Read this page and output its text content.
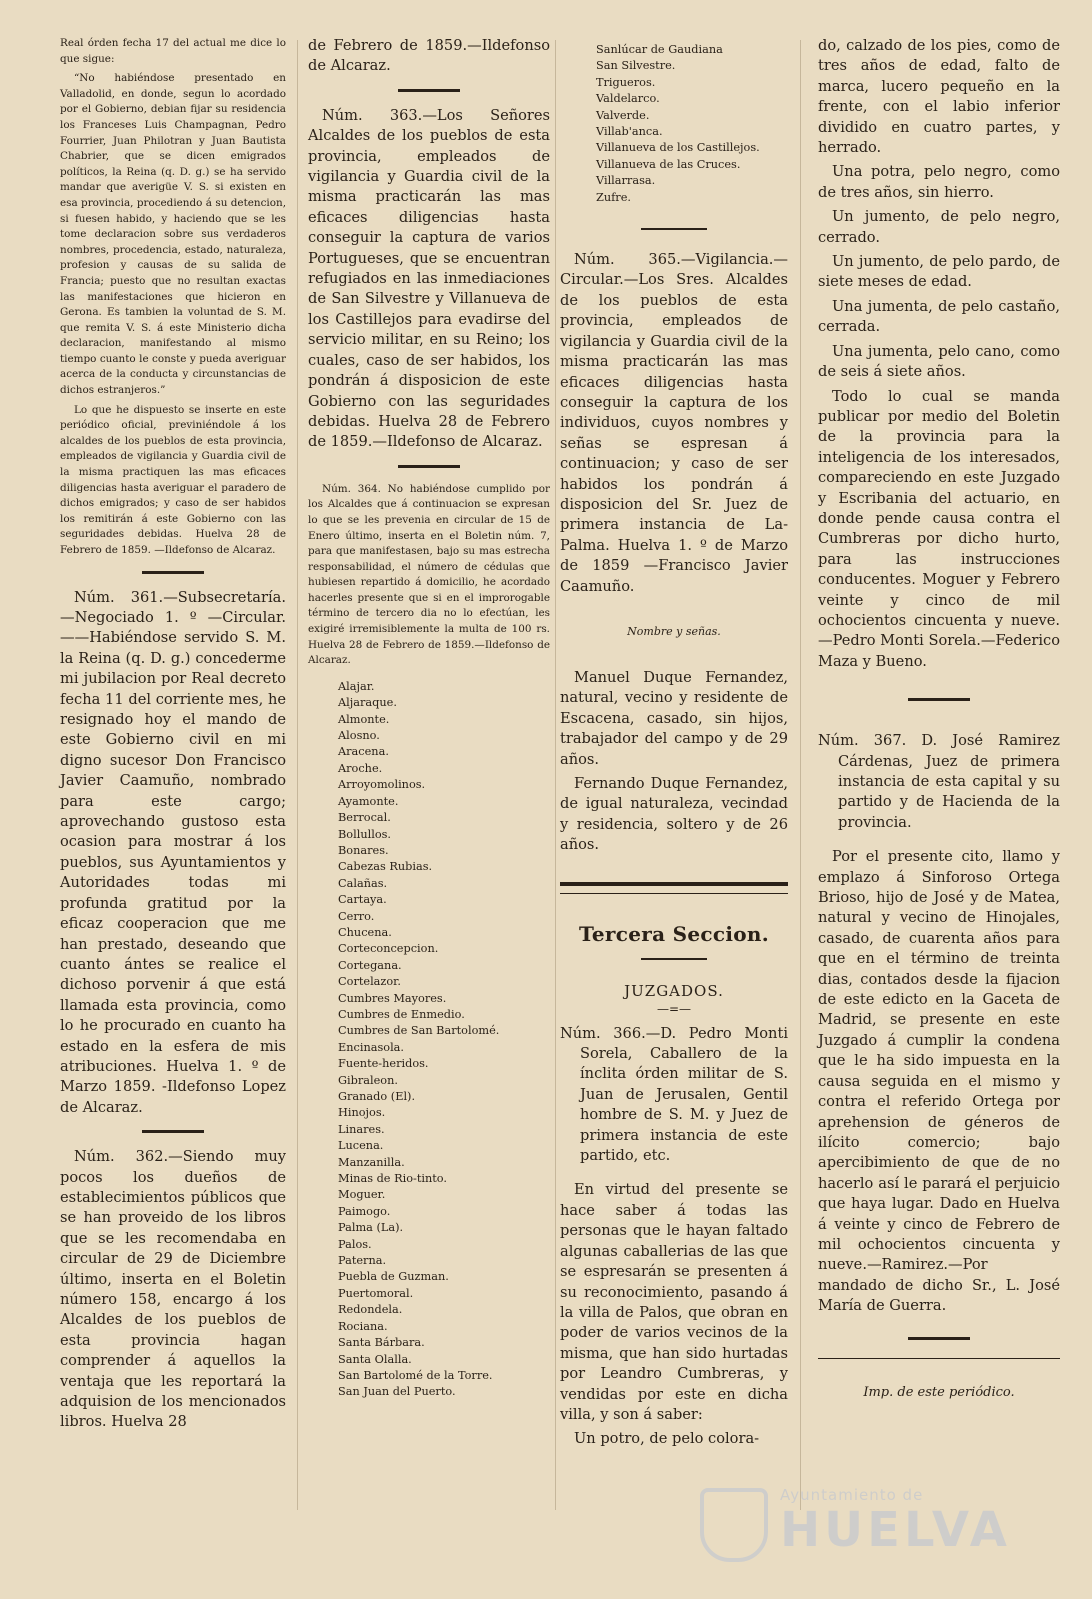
Real órden fecha 17 del actual me dice lo que sigue:

“No habiéndose presentado en Valladolid, en donde, segun lo acordado por el Gobierno, debian fijar su residencia los Franceses Luis Champagnan, Pedro Fourrier, Juan Philotran y Juan Bautista Chabrier, que se dicen emigrados políticos, la Reina (q. D. g.) se ha servido mandar que averigüe V. S. si existen en esa provincia, procediendo á su detencion, si fuesen habido, y haciendo que se les tome declaracion sobre sus verdaderos nombres, procedencia, estado, naturaleza, profesion y causas de su salida de Francia; puesto que no resultan exactas las manifestaciones que hicieron en Gerona. Es tambien la voluntad de S. M. que remita V. S. á este Ministerio dicha declaracion, manifestando al mismo tiempo cuanto le conste y pueda averiguar acerca de la conducta y circunstancias de dichos estranjeros.”

Lo que he dispuesto se inserte en este periódico oficial, previniéndole á los alcaldes de los pueblos de esta provincia, empleados de vigilancia y Guardia civil de la misma practiquen las mas eficaces diligencias hasta averiguar el paradero de dichos emigrados; y caso de ser habidos los remitirán á este Gobierno con las seguridades debidas. Huelva 28 de Febrero de 1859. —Ildefonso de Alcaraz.

Núm. 361.—Subsecretaría.—Negociado 1. º —Circular.——Habiéndose servido S. M. la Reina (q. D. g.) concederme mi jubilacion por Real decreto fecha 11 del corriente mes, he resignado hoy el mando de este Gobierno civil en mi digno sucesor Don Francisco Javier Caamuño, nombrado para este cargo; aprovechando gustoso esta ocasion para mostrar á los pueblos, sus Ayuntamientos y Autoridades todas mi profunda gratitud por la eficaz cooperacion que me han prestado, deseando que cuanto ántes se realice el dichoso porvenir á que está llamada esta provincia, como lo he procurado en cuanto ha estado en la esfera de mis atribuciones. Huelva 1. º de Marzo 1859. -Ildefonso Lopez de Alcaraz.

Núm. 362.—Siendo muy pocos los dueños de establecimientos públicos que se han proveido de los libros que se les recomendaba en circular de 29 de Diciembre último, inserta en el Boletin número 158, encargo á los Alcaldes de los pueblos de esta provincia hagan comprender á aquellos la ventaja que les reportará la adquision de los mencionados libros. Huelva 28

de Febrero de 1859.—Ildefonso de Alcaraz.

Núm. 363.—Los Señores Alcaldes de los pueblos de esta provincia, empleados de vigilancia y Guardia civil de la misma practicarán las mas eficaces diligencias hasta conseguir la captura de varios Portugueses, que se encuentran refugiados en las inmediaciones de San Silvestre y Villanueva de los Castillejos para evadirse del servicio militar, en su Reino; los cuales, caso de ser habidos, los pondrán á disposicion de este Gobierno con las seguridades debidas. Huelva 28 de Febrero de 1859.—Ildefonso de Alcaraz.

Núm. 364. No habiéndose cumplido por los Alcaldes que á continuacion se expresan lo que se les prevenia en circular de 15 de Enero último, inserta en el Boletin núm. 7, para que manifestasen, bajo su mas estrecha responsabilidad, el número de cédulas que hubiesen repartido á domicilio, he acordado hacerles presente que si en el improrogable término de tercero dia no lo efectúan, les exigiré irremisiblemente la multa de 100 rs. Huelva 28 de Febrero de 1859.—Ildefonso de Alcaraz.

Alajar.
Aljaraque.
Almonte.
Alosno.
Aracena.
Aroche.
Arroyomolinos.
Ayamonte.
Berrocal.
Bollullos.
Bonares.
Cabezas Rubias.
Calañas.
Cartaya.
Cerro.
Chucena.
Corteconcepcion.
Cortegana.
Cortelazor.
Cumbres Mayores.
Cumbres de Enmedio.
Cumbres de San Bartolomé.
Encinasola.
Fuente-heridos.
Gibraleon.
Granado (El).
Hinojos.
Linares.
Lucena.
Manzanilla.
Minas de Rio-tinto.
Moguer.
Paimogo.
Palma (La).
Palos.
Paterna.
Puebla de Guzman.
Puertomoral.
Redondela.
Rociana.
Santa Bárbara.
Santa Olalla.
San Bartolomé de la Torre.
San Juan del Puerto.
Sanlúcar de Gaudiana
San Silvestre.
Trigueros.
Valdelarco.
Valverde.
Villab'anca.
Villanueva de los Castillejos.
Villanueva de las Cruces.
Villarrasa.
Zufre.

Núm. 365.—Vigilancia.—Circular.—Los Sres. Alcaldes de los pueblos de esta provincia, empleados de vigilancia y Guardia civil de la misma practicarán las mas eficaces diligencias hasta conseguir la captura de los individuos, cuyos nombres y señas se espresan á continuacion; y caso de ser habidos los pondrán á disposicion del Sr. Juez de primera instancia de La-Palma. Huelva 1. º de Marzo de 1859 —Francisco Javier Caamuño.

Nombre y señas.

Manuel Duque Fernandez, natural, vecino y residente de Escacena, casado, sin hijos, trabajador del campo y de 29 años.

Fernando Duque Fernandez, de igual naturaleza, vecindad y residencia, soltero y de 26 años.

Tercera Seccion.
JUZGADOS.
—=—

Núm. 366.—D. Pedro Monti Sorela, Caballero de la ínclita órden militar de S. Juan de Jerusalen, Gentil hombre de S. M. y Juez de primera instancia de este partido, etc.

En virtud del presente se hace saber á todas las personas que le hayan faltado algunas caballerias de las que se espresarán se presenten á su reconocimiento, pasando á la villa de Palos, que obran en poder de varios vecinos de la misma, que han sido hurtadas por Leandro Cumbreras, y vendidas por este en dicha villa, y son á saber:

Un potro, de pelo colora-

do, calzado de los pies, como de tres años de edad, falto de marca, lucero pequeño en la frente, con el labio inferior dividido en cuatro partes, y herrado.

Una potra, pelo negro, como de tres años, sin hierro.

Un jumento, de pelo negro, cerrado.

Un jumento, de pelo pardo, de siete meses de edad.

Una jumenta, de pelo castaño, cerrada.

Una jumenta, pelo cano, como de seis á siete años.

Todo lo cual se manda publicar por medio del Boletin de la provincia para la inteligencia de los interesados, compareciendo en este Juzgado y Escribania del actuario, en donde pende causa contra el Cumbreras por dicho hurto, para las instrucciones conducentes. Moguer y Febrero veinte y cinco de mil ochocientos cincuenta y nueve.—Pedro Monti Sorela.—Federico Maza y Bueno.

Núm. 367. D. José Ramirez Cárdenas, Juez de primera instancia de esta capital y su partido y de Hacienda de la provincia.

Por el presente cito, llamo y emplazo á Sinforoso Ortega Brioso, hijo de José y de Matea, natural y vecino de Hinojales, casado, de cuarenta años para que en el término de treinta dias, contados desde la fijacion de este edicto en la Gaceta de Madrid, se presente en este Juzgado á cumplir la condena que le ha sido impuesta en la causa seguida en el mismo y contra el referido Ortega por aprehension de géneros de ilícito comercio; bajo apercibimiento de que de no hacerlo así le parará el perjuicio que haya lugar. Dado en Huelva á veinte y cinco de Febrero de mil ochocientos cincuenta y nueve.—Ramirez.—Por mandado de dicho Sr., L. José María de Guerra.

Imp. de este periódico.
Ayuntamiento de
HUELVA
